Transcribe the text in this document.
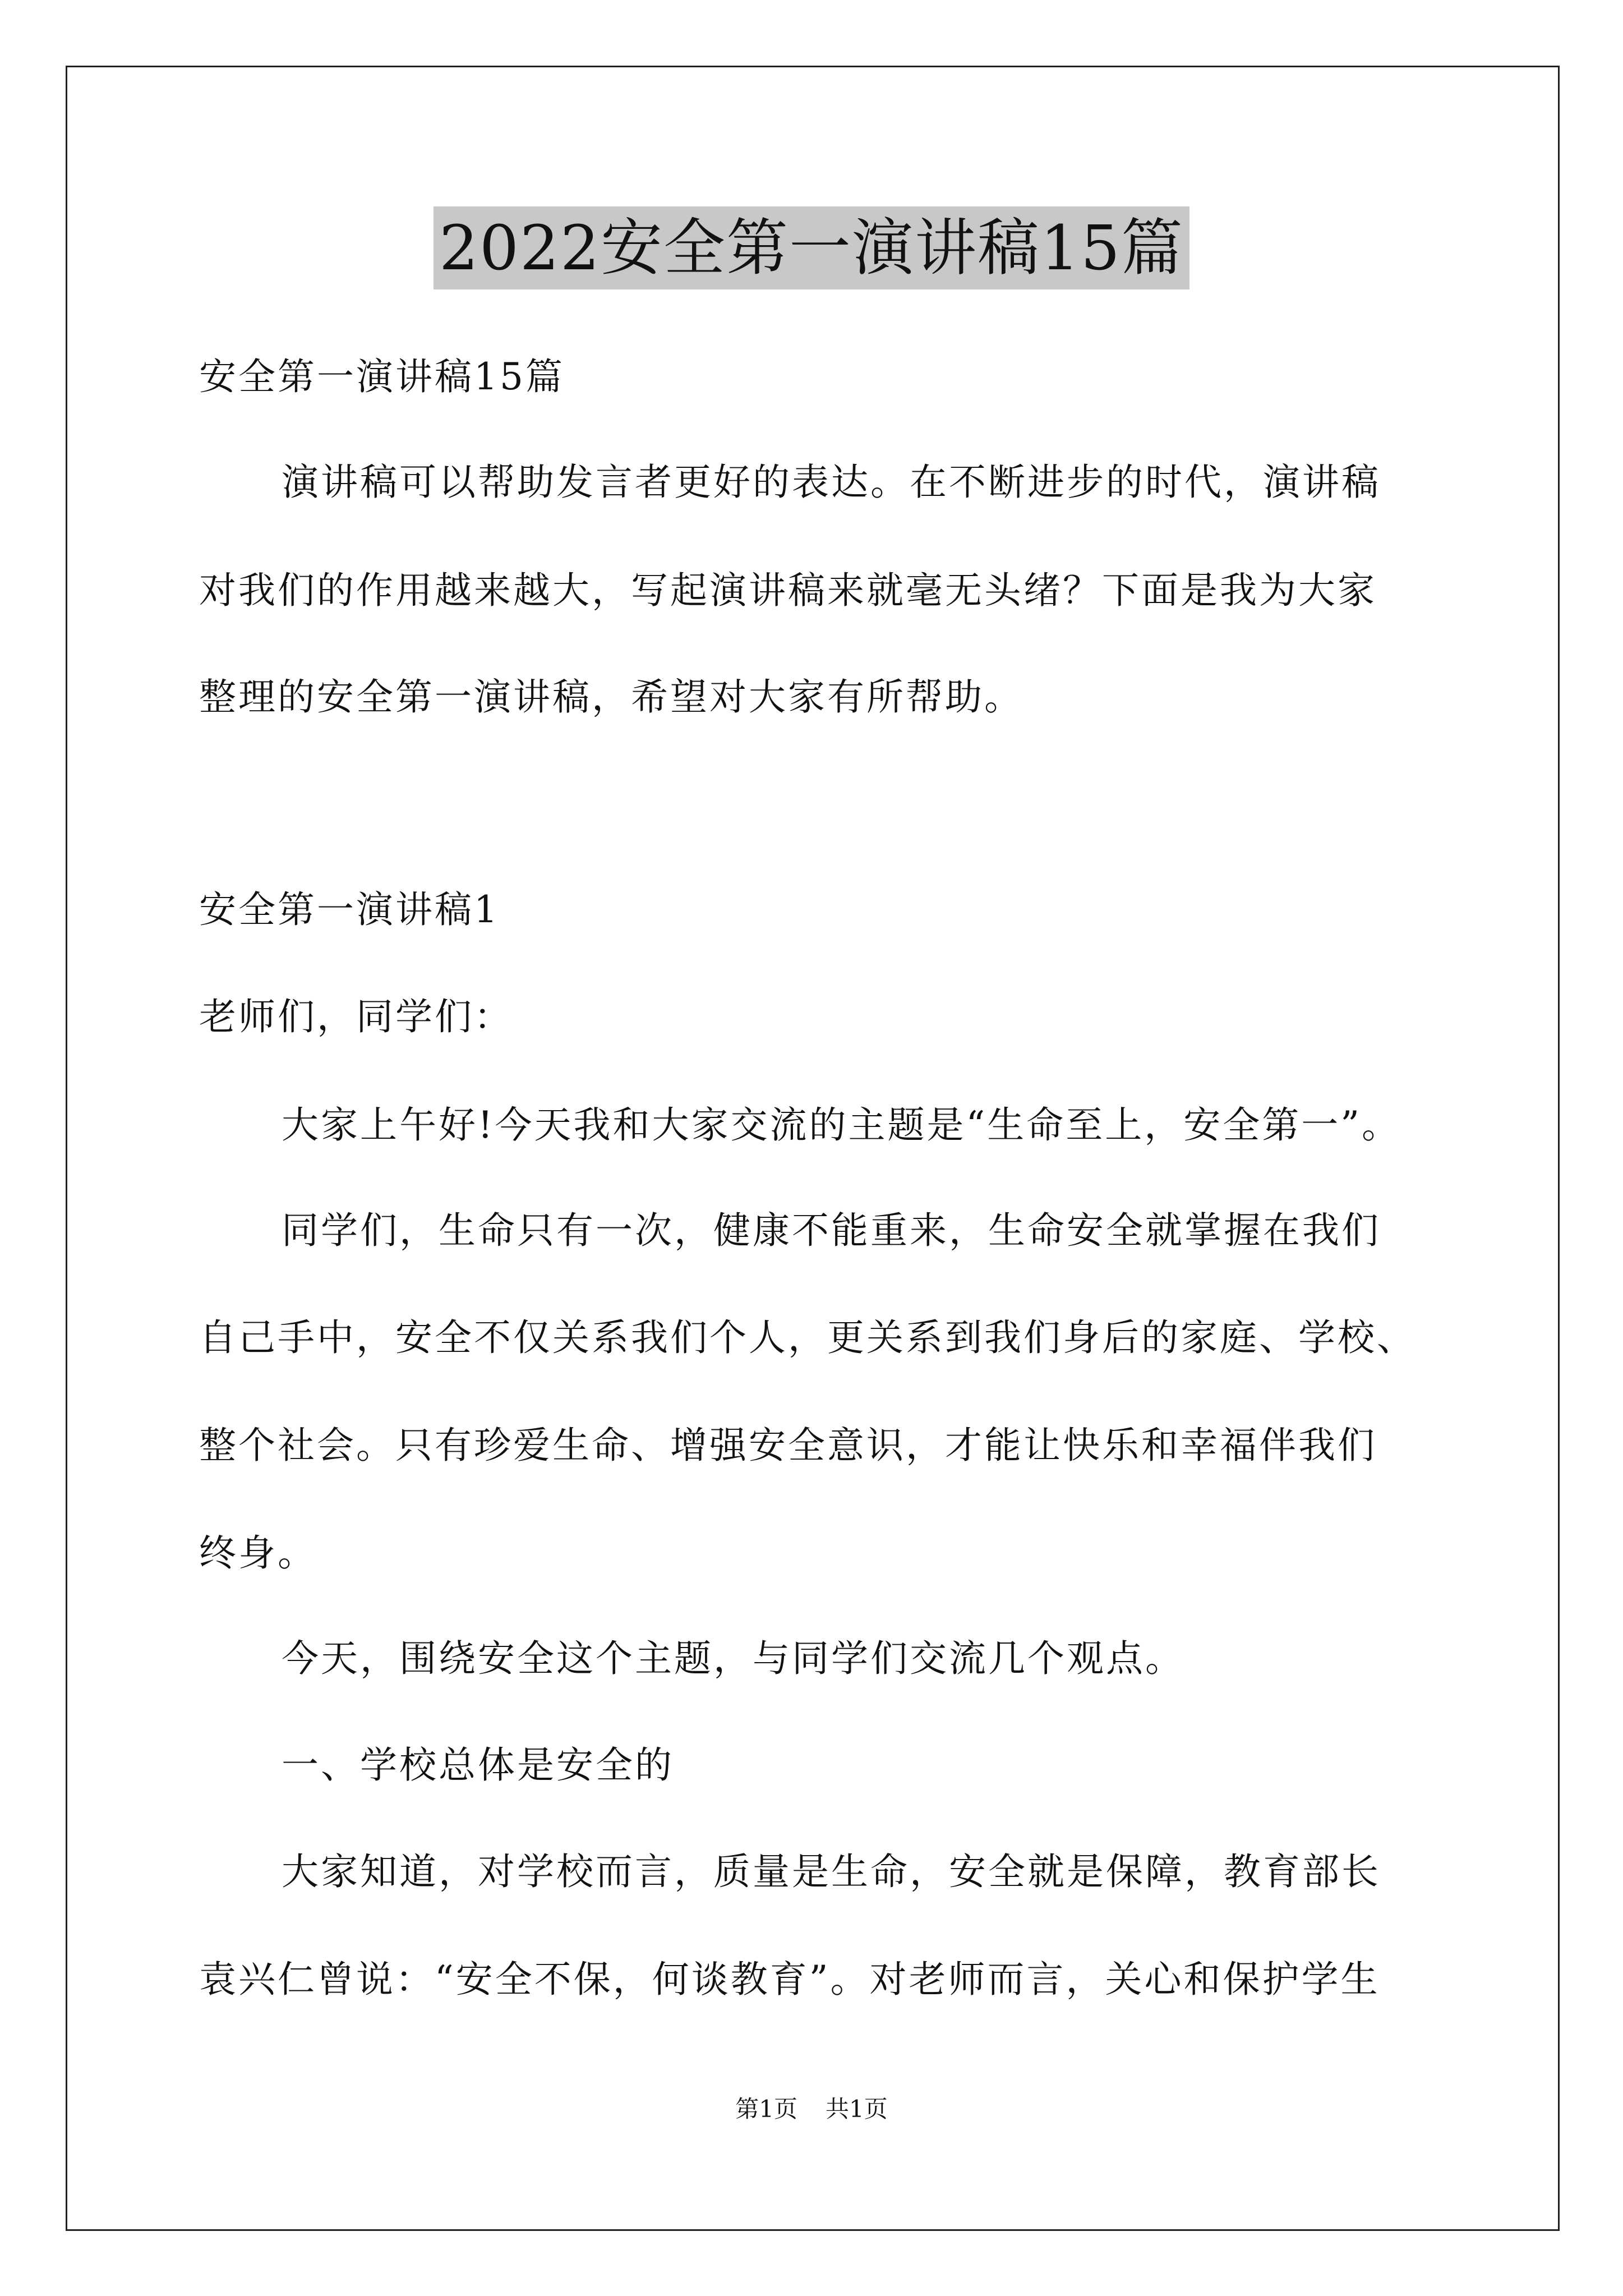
2022安全第一演讲稿15篇
安全第一演讲稿15篇
演讲稿可以帮助发言者更好的表达。在不断进步的时代，演讲稿
对我们的作用越来越大，写起演讲稿来就毫无头绪？下面是我为大家
整理的安全第一演讲稿，希望对大家有所帮助。
安全第一演讲稿1
老师们，同学们：
大家上午好!今天我和大家交流的主题是“生命至上，安全第一”。
同学们，生命只有一次，健康不能重来，生命安全就掌握在我们
自己手中，安全不仅关系我们个人，更关系到我们身后的家庭、学校、
整个社会。只有珍爱生命、增强安全意识，才能让快乐和幸福伴我们
终身。
今天，围绕安全这个主题，与同学们交流几个观点。
一、学校总体是安全的
大家知道，对学校而言，质量是生命，安全就是保障，教育部长
袁兴仁曾说：“安全不保，何谈教育”。对老师而言，关心和保护学生
第1页 共1页
